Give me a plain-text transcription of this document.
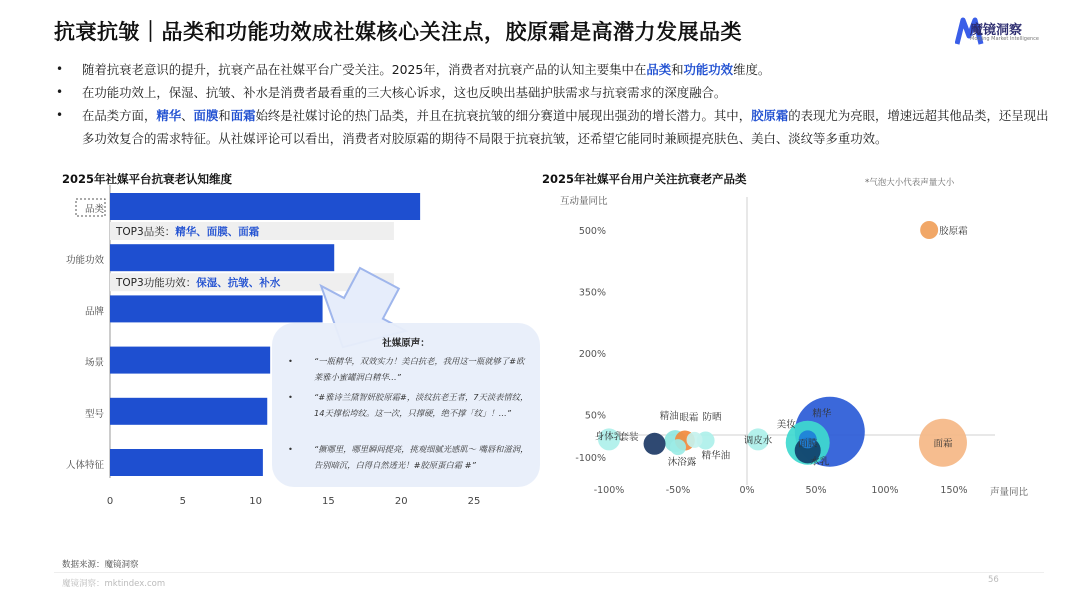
抗衰抗皱｜品类和功能功效成社媒核心关注点，胶原霜是高潜力发展品类	魔镜洞察
Moojing Market Intelligence
• 随着抗衰老意识的提升，抗衰产品在社媒平台广受关注。2025年，消费者对抗衰产品的认知主要集中在品类和功能功效维度。
• 在功能功效上，保湿、抗皱、补水是消费者最看重的三大核心诉求，这也反映出基础护肤需求与抗衰需求的深度融合。
• 在品类方面，精华、面膜和面霜始终是社媒讨论的热门品类，并且在抗衰抗皱的细分赛道中展现出强劲的增长潜力。其中，胶原霜的表现尤为亮眼，增速远超其他品类，还呈现出多功效复合的需求特征。从社媒评论可以看出，消费者对胶原霜的期待不局限于抗衰抗皱，还希望它能同时兼顾提亮肤色、美白、淡纹等多重功效。
2025年社媒平台抗衰老认知维度	2025年社媒平台用户关注抗衰老产品类	*气泡大小代表声量大小
品类
TOP3品类：精华、面膜、面霜
功能功效
TOP3功能功效：保湿、抗皱、补水
品牌
场景
型号
人体特征
0	5	10	15	20	25
社媒原声：
• “一瓶精华，双效实力！美白抗老，我用这一瓶就够了#欧莱雅小蜜罐润白精华...”
• “#雅诗兰黛智妍胶原霜#，淡纹抗老王者，7天淡表情纹，14天撑松垮纹。这一次，只撑硬，绝不撑「纹」！...”
• “撅哪里，哪里瞬间提亮，挑观细腻光感肌～ 嘴唇和滋润，告别暗沉，白得自然透光！#胶原蛋白霜 #”
互动量同比
声量同比
-100%
50%
200%
350%
500%
-100%	-50%	0%	50%	100%	150%
胶原霜
精华
面霜
面膜
水乳
美妆
调皮水
眼霜
精油	防晒
精华油
套装
沐浴露
身体乳
数据来源：魔镜洞察
魔镜洞察：mktindex.com	56
